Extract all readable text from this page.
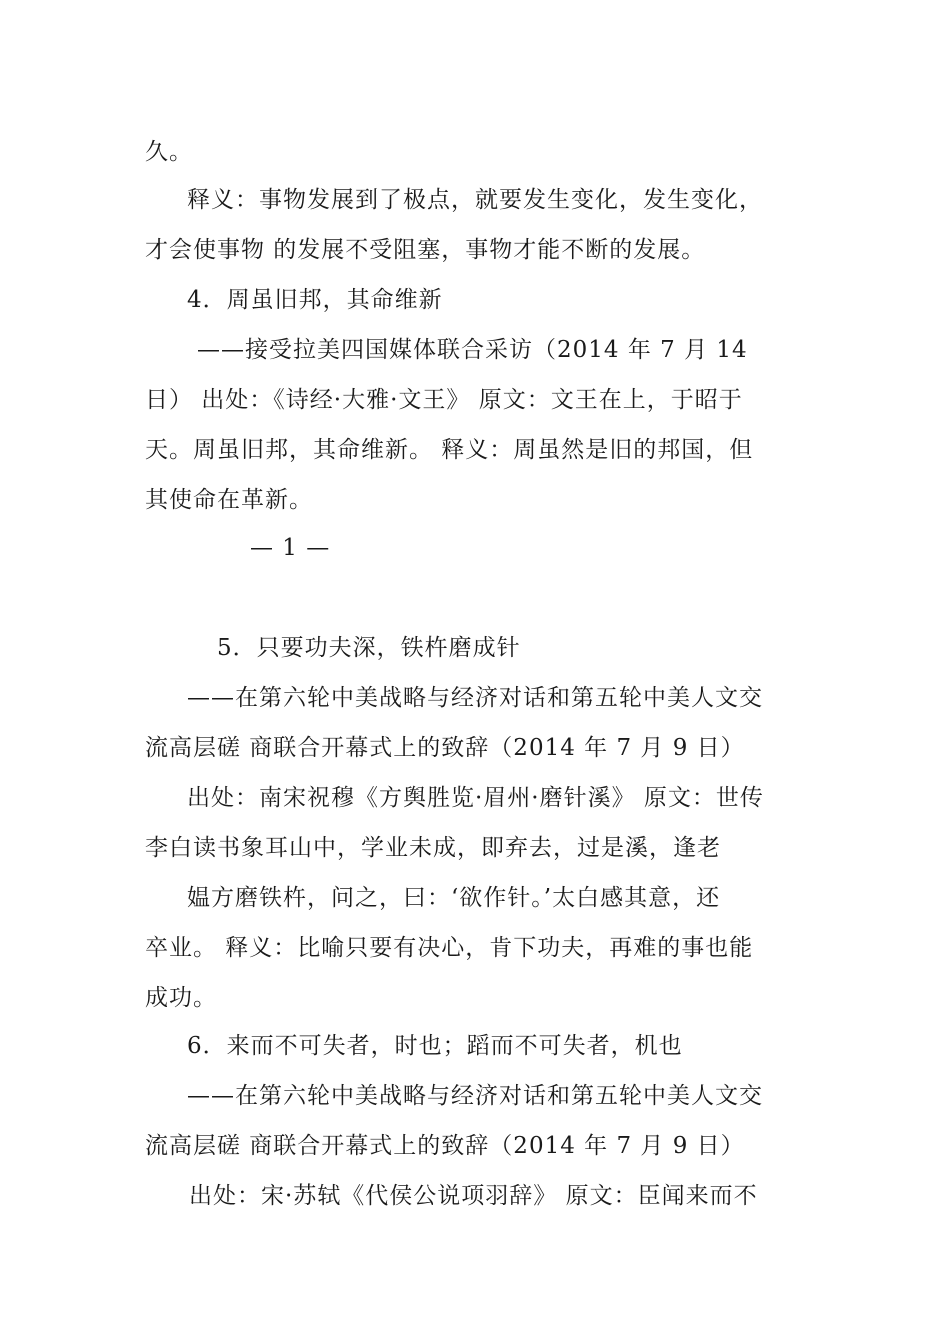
久。
释义：事物发展到了极点，就要发生变化，发生变化，
才会使事物 的发展不受阻塞，事物才能不断的发展。
4．周虽旧邦，其命维新
——接受拉美四国媒体联合采访（2014 年 7 月 14
日） 出处：《诗经·大雅·文王》 原文：文王在上，于昭于
天。周虽旧邦，其命维新。 释义：周虽然是旧的邦国，但
其使命在革新。
— 1 —
5．只要功夫深，铁杵磨成针
——在第六轮中美战略与经济对话和第五轮中美人文交
流高层磋 商联合开幕式上的致辞（2014 年 7 月 9 日）
出处：南宋祝穆《方舆胜览·眉州·磨针溪》 原文：世传
李白读书象耳山中，学业未成，即弃去，过是溪，逢老
媪方磨铁杵，问之，曰：‘欲作针。’太白感其意，还
卒业。 释义：比喻只要有决心，肯下功夫，再难的事也能
成功。
6．来而不可失者，时也；蹈而不可失者，机也
——在第六轮中美战略与经济对话和第五轮中美人文交
流高层磋 商联合开幕式上的致辞（2014 年 7 月 9 日）
出处：宋·苏轼《代侯公说项羽辞》 原文：臣闻来而不
